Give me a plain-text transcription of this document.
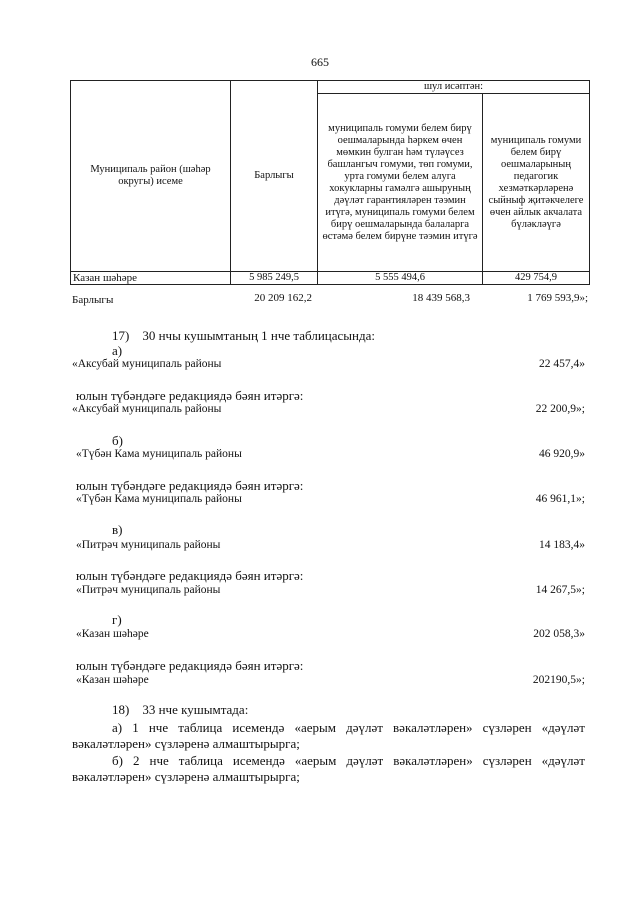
665
Муниципаль район (шәһәр округы) исеме	Барлыгы	шул исәптән:	
		муниципаль гомуми белем бирү оешмаларында һәркем өчен мөмкин булган һәм түләүсез башлангыч гомуми, төп гомуми, урта гомуми белем алуга хокукларны гамәлгә ашыруның дәүләт гарантияләрен тәэмин итүгә, муниципаль гомуми белем бирү оешмаларында балаларга өстәмә белем бирүне тәэмин итүгә	муниципаль гомуми белем бирү оешмаларының педагогик хезмәткәрләренә сыйныф җитәкчелеге өчен айлык акчалата бүләкләүгә
Казан шәһәре	5 985 249,5	5 555 494,6	429 754,9
Барлыгы	20 209 162,2	18 439 568,3	1 769 593,9»;
17)    30 нчы кушымтаның 1 нче таблицасында:
а)
«Аксубай муниципаль районы	22 457,4»
юлын түбәндәге редакциядә бәян итәргә:
«Аксубай муниципаль районы	22 200,9»;
б)
«Түбән Кама муниципаль районы	46 920,9»
юлын түбәндәге редакциядә бәян итәргә:
«Түбән Кама муниципаль районы	46 961,1»;
в)
«Питрәч муниципаль районы	14 183,4»
юлын түбәндәге редакциядә бәян итәргә:
«Питрәч муниципаль районы	14 267,5»;
г)
«Казан шәһәре	202 058,3»
юлын түбәндәге редакциядә бәян итәргә:
«Казан шәһәре	202190,5»;
18)    33 нче кушымтада:
а) 1 нче таблица исемендә «аерым дәүләт вәкаләтләрен» сүзләрен «дәүләт
вәкаләтләрен» сүзләренә алмаштырырга;
б) 2 нче таблица исемендә «аерым дәүләт вәкаләтләрен» сүзләрен «дәүләт
вәкаләтләрен» сүзләренә алмаштырырга;
